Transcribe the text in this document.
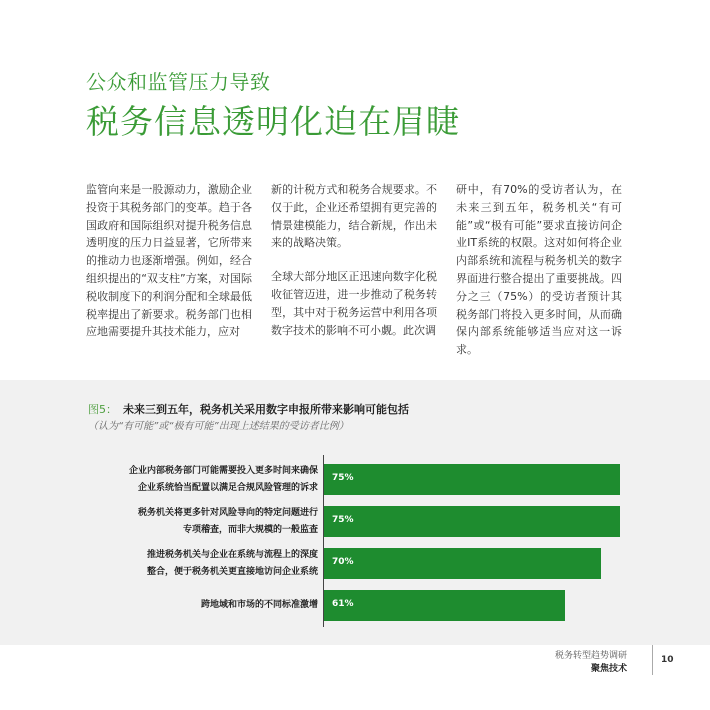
公众和监管压力导致
税务信息透明化迫在眉睫

监管向来是一股源动力，激励企业投资于其税务部门的变革。趋于各国政府和国际组织对提升税务信息透明度的压力日益显著，它所带来的推动力也逐渐增强。例如，经合组织提出的“双支柱”方案，对国际税收制度下的利润分配和全球最低税率提出了新要求。税务部门也相应地需要提升其技术能力，应对

新的计税方式和税务合规要求。不仅于此，企业还希望拥有更完善的情景建模能力，结合新规，作出未来的战略决策。

全球大部分地区正迅速向数字化税收征管迈进，进一步推动了税务转型，其中对于税务运营中利用各项数字技术的影响不可小觑。此次调

研中，有70%的受访者认为，在未来三到五年，税务机关“有可能”或“极有可能”要求直接访问企业IT系统的权限。这对如何将企业内部系统和流程与税务机关的数字界面进行整合提出了重要挑战。四分之三（75%）的受访者预计其税务部门将投入更多时间，从而确保内部系统能够适当应对这一诉求。

图5： 未来三到五年，税务机关采用数字申报所带来影响可能包括
（认为“有可能”或“极有可能”出现上述结果的受访者比例）
企业内部税务部门可能需要投入更多时间来确保
企业系统恰当配置以满足合规风险管理的诉求
75%
税务机关将更多针对风险导向的特定问题进行
专项稽查，而非大规模的一般监查
75%
推进税务机关与企业在系统与流程上的深度
整合，便于税务机关更直接地访问企业系统
70%
跨地域和市场的不同标准激增 61%
税务转型趋势调研
聚焦技术
10
